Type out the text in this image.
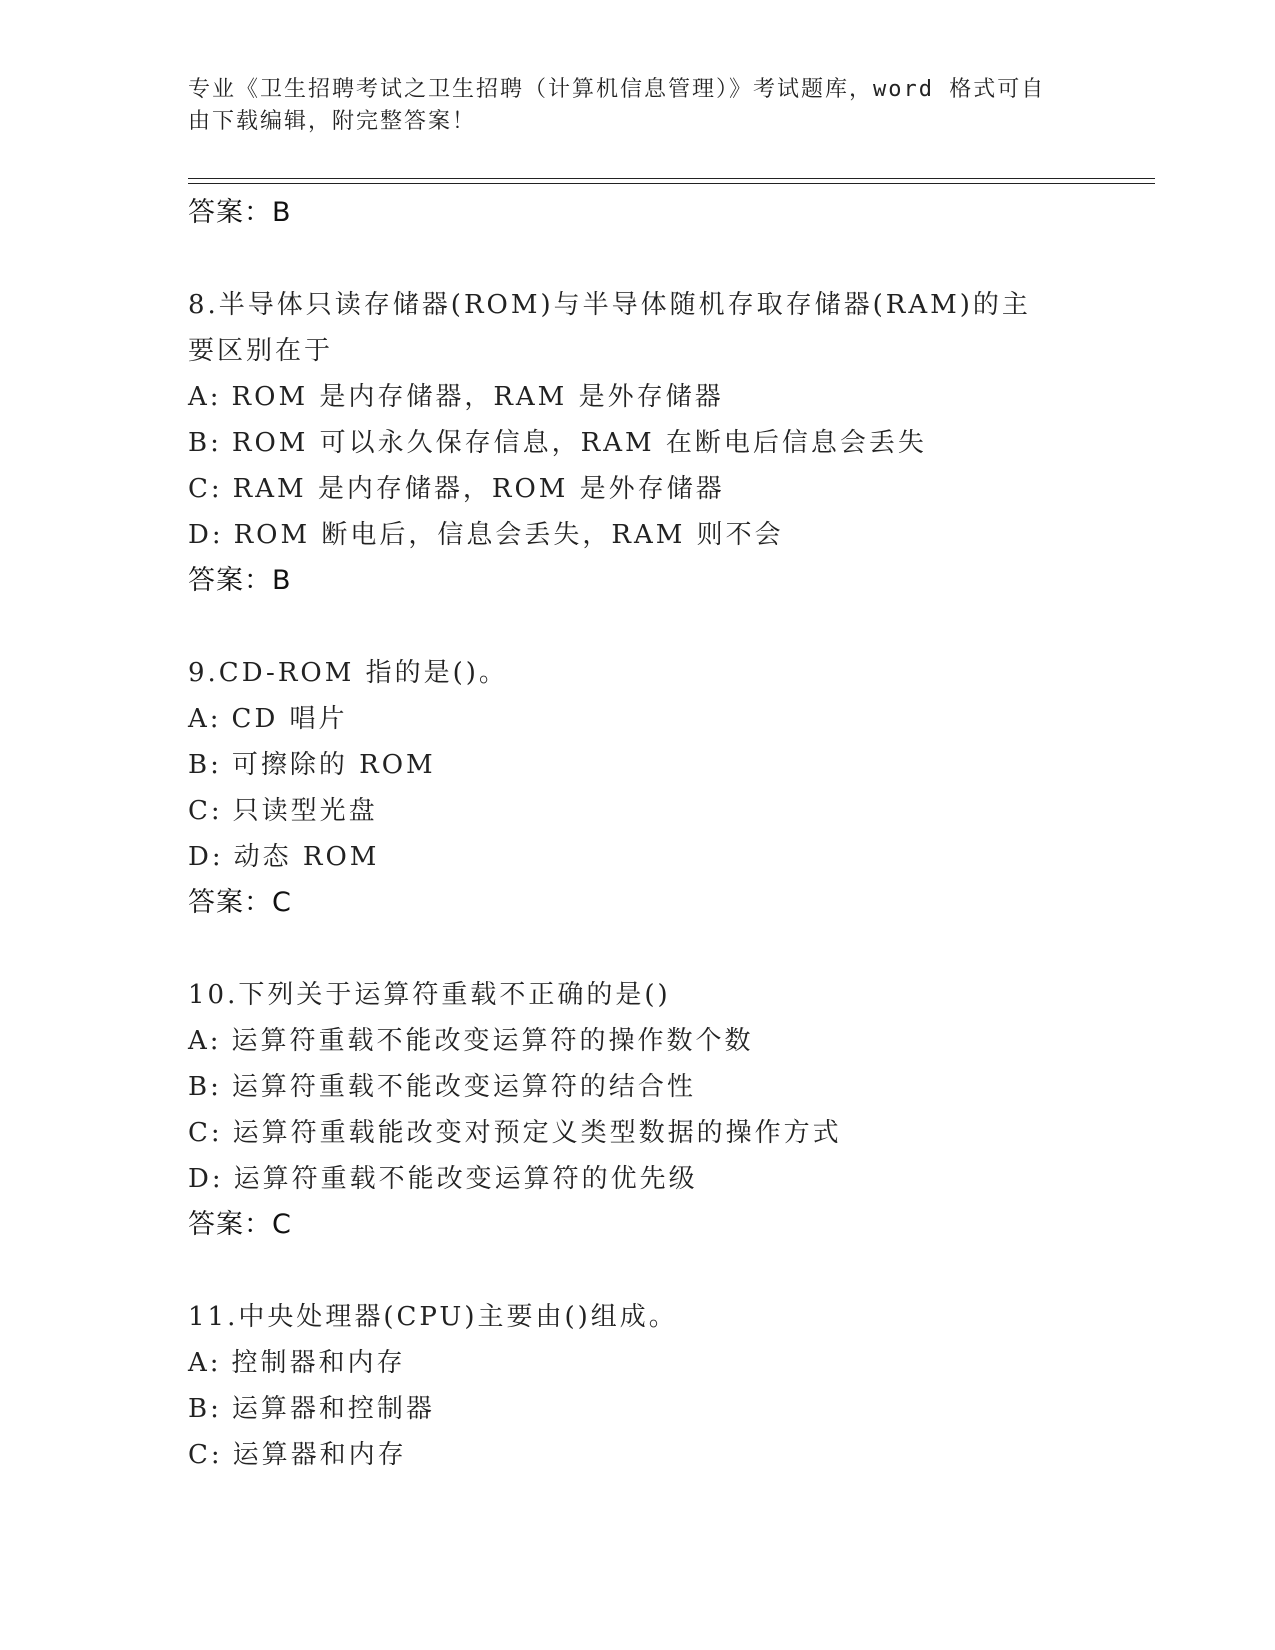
专业《卫生招聘考试之卫生招聘（计算机信息管理）》考试题库，word 格式可自
由下载编辑，附完整答案！
答案：B

8.半导体只读存储器(ROM)与半导体随机存取存储器(RAM)的主要区别在于

A: ROM 是内存储器，RAM 是外存储器
B: ROM 可以永久保存信息，RAM 在断电后信息会丢失
C: RAM 是内存储器，ROM 是外存储器
D: ROM 断电后，信息会丢失，RAM 则不会
答案：B

9.CD-ROM 指的是()。

A: CD 唱片
B: 可擦除的 ROM
C: 只读型光盘
D: 动态 ROM
答案：C

10.下列关于运算符重载不正确的是()

A: 运算符重载不能改变运算符的操作数个数
B: 运算符重载不能改变运算符的结合性
C: 运算符重载能改变对预定义类型数据的操作方式
D: 运算符重载不能改变运算符的优先级
答案：C

11.中央处理器(CPU)主要由()组成。

A: 控制器和内存
B: 运算器和控制器
C: 运算器和内存
